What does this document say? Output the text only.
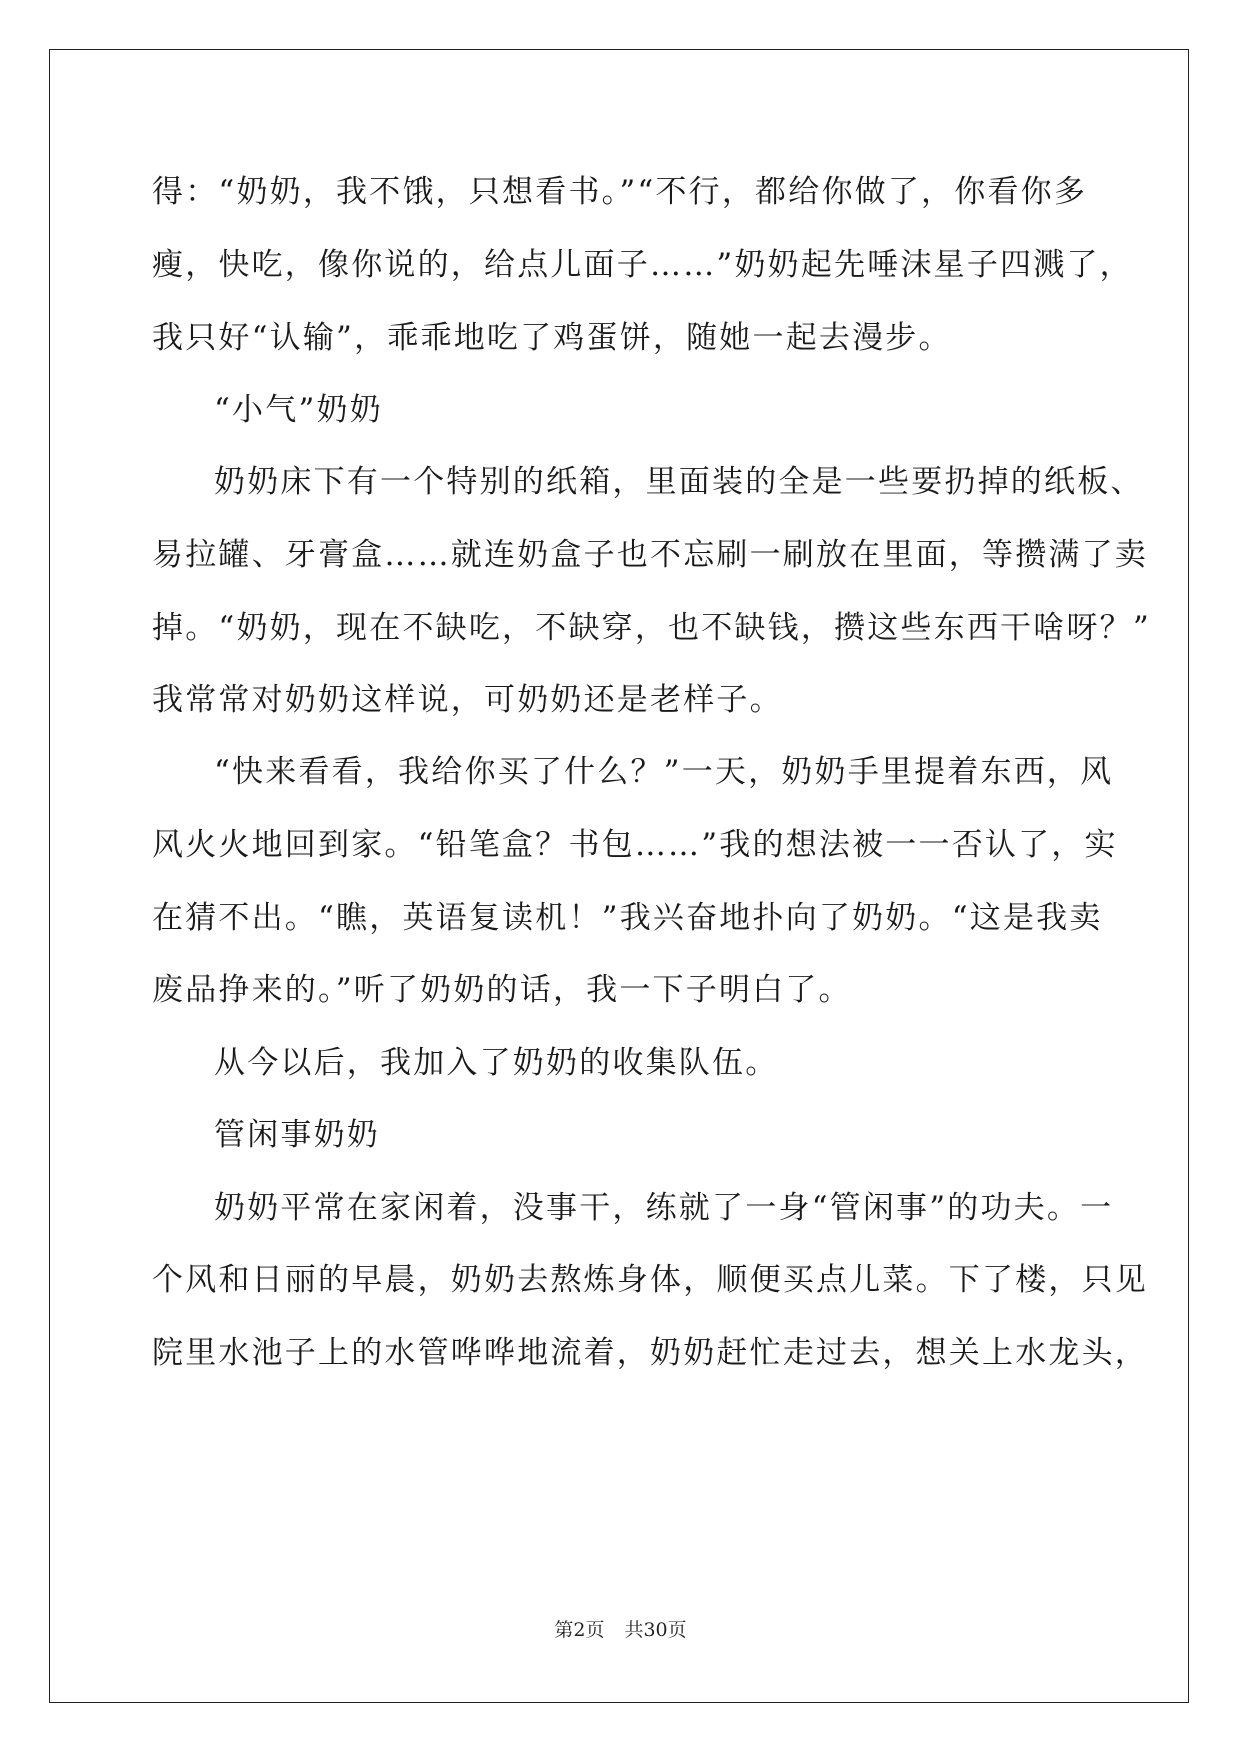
得：“奶奶，我不饿，只想看书。”“不行，都给你做了，你看你多
瘦，快吃，像你说的，给点儿面子……”奶奶起先唾沫星子四溅了，
我只好“认输”，乖乖地吃了鸡蛋饼，随她一起去漫步。
“小气”奶奶
奶奶床下有一个特别的纸箱，里面装的全是一些要扔掉的纸板、
易拉罐、牙膏盒……就连奶盒子也不忘刷一刷放在里面，等攒满了卖
掉。“奶奶，现在不缺吃，不缺穿，也不缺钱，攒这些东西干啥呀？”
我常常对奶奶这样说，可奶奶还是老样子。
“快来看看，我给你买了什么？”一天，奶奶手里提着东西，风
风火火地回到家。“铅笔盒？书包……”我的想法被一一否认了，实
在猜不出。“瞧，英语复读机！”我兴奋地扑向了奶奶。“这是我卖
废品挣来的。”听了奶奶的话，我一下子明白了。
从今以后，我加入了奶奶的收集队伍。
管闲事奶奶
奶奶平常在家闲着，没事干，练就了一身“管闲事”的功夫。一
个风和日丽的早晨，奶奶去熬炼身体，顺便买点儿菜。下了楼，只见
院里水池子上的水管哗哗地流着，奶奶赶忙走过去，想关上水龙头，
第2页 共30页
